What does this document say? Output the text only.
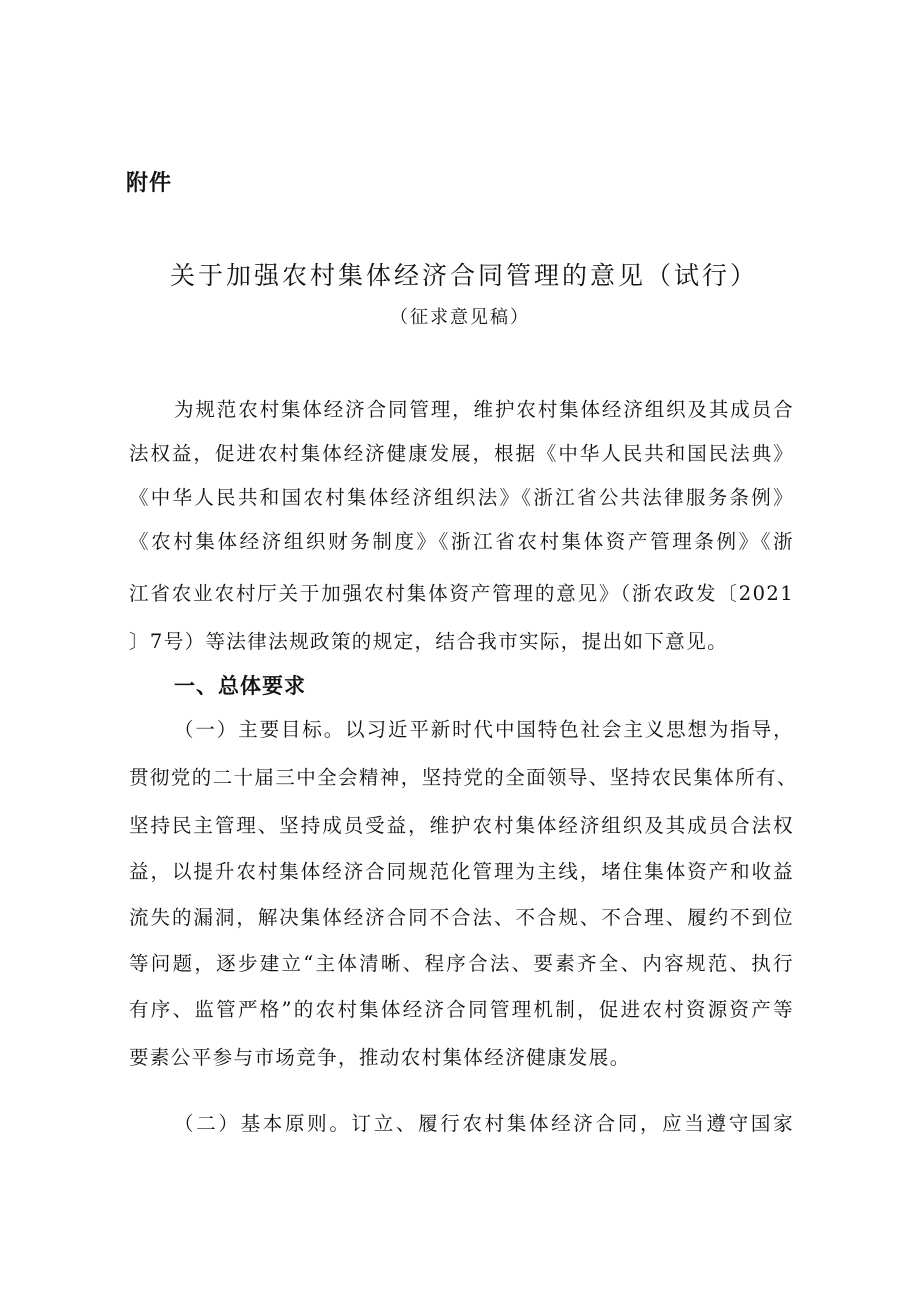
附件
关于加强农村集体经济合同管理的意见（试行）
（征求意见稿）
为规范农村集体经济合同管理，维护农村集体经济组织及其成员合
法权益，促进农村集体经济健康发展，根据《中华人民共和国民法典》
《中华人民共和国农村集体经济组织法》《浙江省公共法律服务条例》
《农村集体经济组织财务制度》《浙江省农村集体资产管理条例》《浙
江省农业农村厅关于加强农村集体资产管理的意见》（浙农政发〔2021
〕7号）等法律法规政策的规定，结合我市实际，提出如下意见。
一、总体要求
（一）主要目标。以习近平新时代中国特色社会主义思想为指导，
贯彻党的二十届三中全会精神，坚持党的全面领导、坚持农民集体所有、
坚持民主管理、坚持成员受益，维护农村集体经济组织及其成员合法权
益，以提升农村集体经济合同规范化管理为主线，堵住集体资产和收益
流失的漏洞，解决集体经济合同不合法、不合规、不合理、履约不到位
等问题，逐步建立“主体清晰、程序合法、要素齐全、内容规范、执行
有序、监管严格”的农村集体经济合同管理机制，促进农村资源资产等
要素公平参与市场竞争，推动农村集体经济健康发展。
（二）基本原则。订立、履行农村集体经济合同，应当遵守国家
